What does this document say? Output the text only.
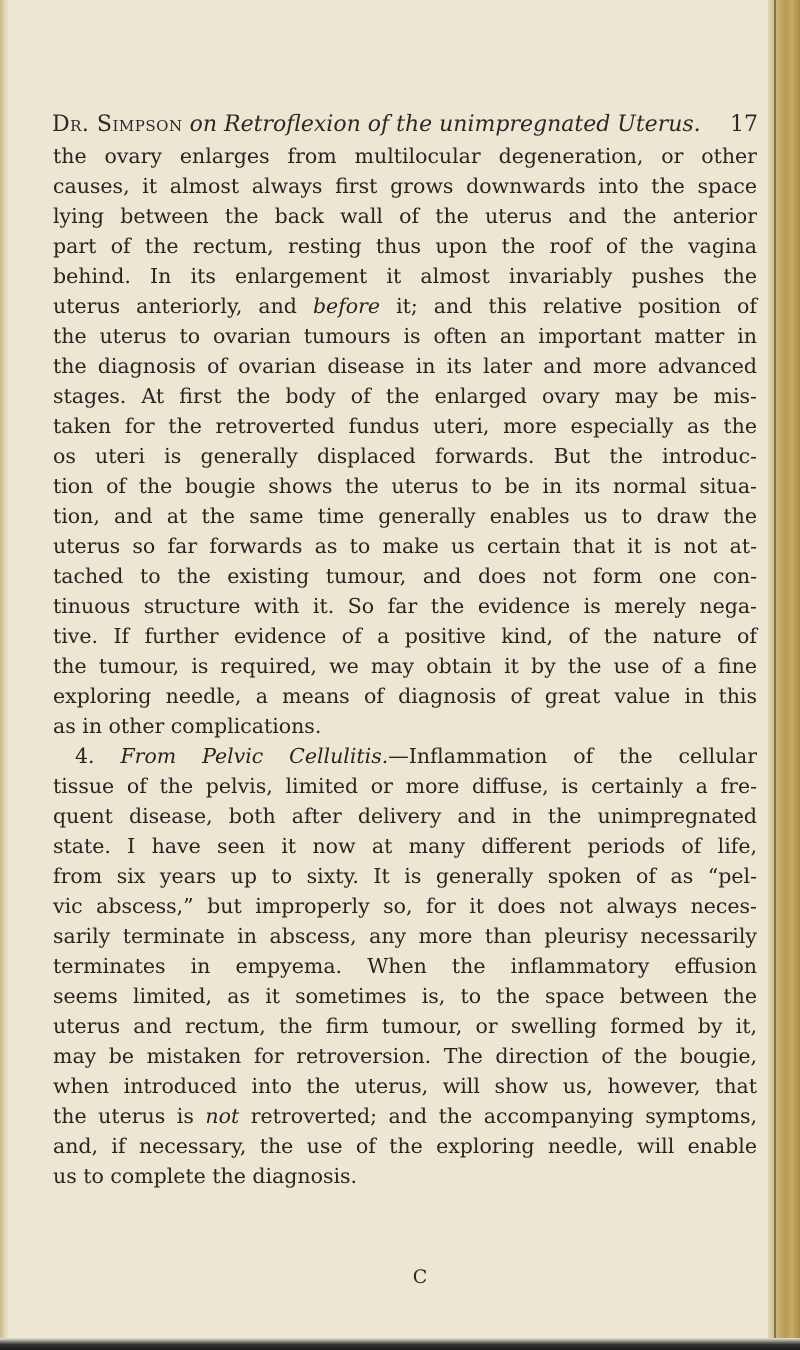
Dr. Simpson on Retroflexion of the unimpregnated Uterus. 17
the ovary enlarges from multilocular degeneration, or other
causes, it almost always first grows downwards into the space
lying between the back wall of the uterus and the anterior
part of the rectum, resting thus upon the roof of the vagina
behind. In its enlargement it almost invariably pushes the
uterus anteriorly, and before it; and this relative position of
the uterus to ovarian tumours is often an important matter in
the diagnosis of ovarian disease in its later and more advanced
stages. At first the body of the enlarged ovary may be mis-
taken for the retroverted fundus uteri, more especially as the
os uteri is generally displaced forwards. But the introduc-
tion of the bougie shows the uterus to be in its normal situa-
tion, and at the same time generally enables us to draw the
uterus so far forwards as to make us certain that it is not at-
tached to the existing tumour, and does not form one con-
tinuous structure with it. So far the evidence is merely nega-
tive. If further evidence of a positive kind, of the nature of
the tumour, is required, we may obtain it by the use of a fine
exploring needle, a means of diagnosis of great value in this
as in other complications.
4. From Pelvic Cellulitis.—Inflammation of the cellular
tissue of the pelvis, limited or more diffuse, is certainly a fre-
quent disease, both after delivery and in the unimpregnated
state. I have seen it now at many different periods of life,
from six years up to sixty. It is generally spoken of as “pel-
vic abscess,” but improperly so, for it does not always neces-
sarily terminate in abscess, any more than pleurisy necessarily
terminates in empyema. When the inflammatory effusion
seems limited, as it sometimes is, to the space between the
uterus and rectum, the firm tumour, or swelling formed by it,
may be mistaken for retroversion. The direction of the bougie,
when introduced into the uterus, will show us, however, that
the uterus is not retroverted; and the accompanying symptoms,
and, if necessary, the use of the exploring needle, will enable
us to complete the diagnosis.
C
